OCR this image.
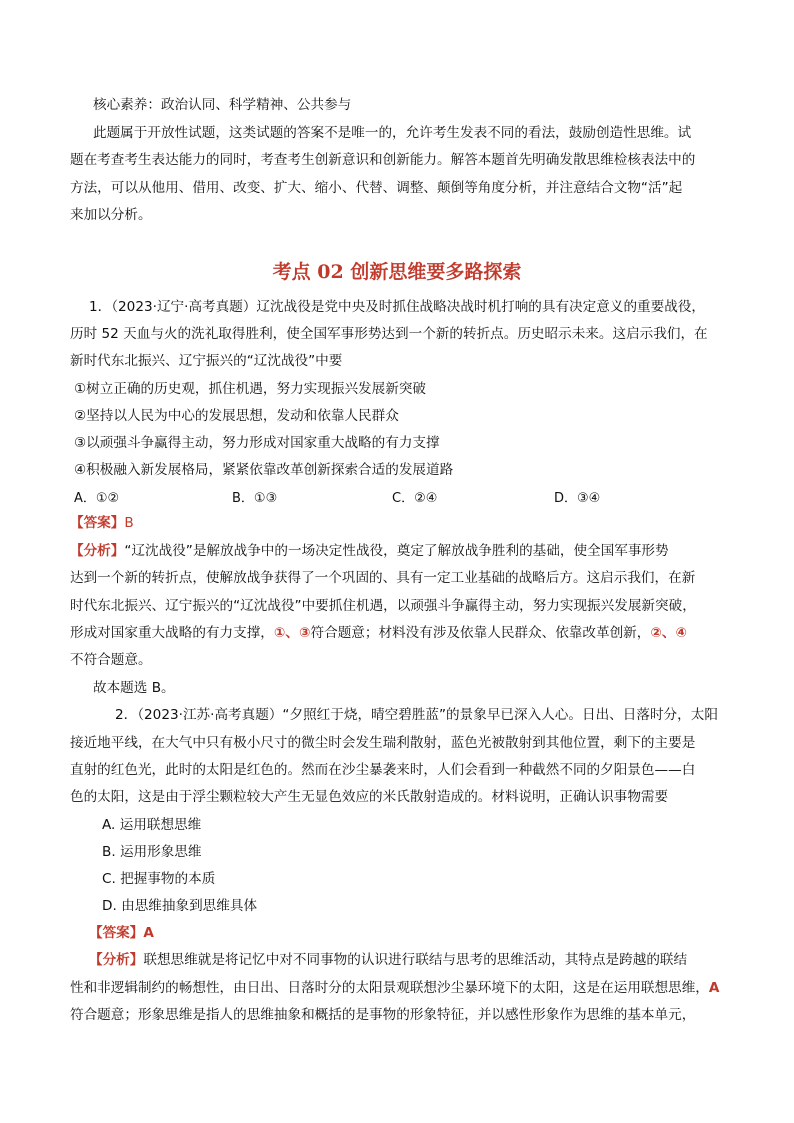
核心素养：政治认同、科学精神、公共参与
此题属于开放性试题，这类试题的答案不是唯一的，允许考生发表不同的看法，鼓励创造性思维。试
题在考查考生表达能力的同时，考查考生创新意识和创新能力。解答本题首先明确发散思维检核表法中的
方法，可以从他用、借用、改变、扩大、缩小、代替、调整、颠倒等角度分析，并注意结合文物“活”起
来加以分析。
考点 02 创新思维要多路探索
1．（2023·辽宁·高考真题）辽沈战役是党中央及时抓住战略决战时机打响的具有决定意义的重要战役，
历时 52 天血与火的洗礼取得胜利，使全国军事形势达到一个新的转折点。历史昭示未来。这启示我们，在
新时代东北振兴、辽宁振兴的“辽沈战役”中要
①树立正确的历史观，抓住机遇，努力实现振兴发展新突破
②坚持以人民为中心的发展思想，发动和依靠人民群众
③以顽强斗争赢得主动，努力形成对国家重大战略的有力支撑
④积极融入新发展格局，紧紧依靠改革创新探索合适的发展道路
A．①②	B．①③	C．②④	D．③④
【答案】B
【分析】“辽沈战役”是解放战争中的一场决定性战役，奠定了解放战争胜利的基础，使全国军事形势
达到一个新的转折点，使解放战争获得了一个巩固的、具有一定工业基础的战略后方。这启示我们，在新
时代东北振兴、辽宁振兴的“辽沈战役”中要抓住机遇，以顽强斗争赢得主动，努力实现振兴发展新突破，
形成对国家重大战略的有力支撑，①、③符合题意；材料没有涉及依靠人民群众、依靠改革创新，②、④
不符合题意。
故本题选 B。
2．（2023·江苏·高考真题）“夕照红于烧，晴空碧胜蓝”的景象早已深入人心。日出、日落时分，太阳
接近地平线，在大气中只有极小尺寸的微尘时会发生瑞利散射，蓝色光被散射到其他位置，剩下的主要是
直射的红色光，此时的太阳是红色的。然而在沙尘暴袭来时，人们会看到一种截然不同的夕阳景色——白
色的太阳，这是由于浮尘颗粒较大产生无显色效应的米氏散射造成的。材料说明，正确认识事物需要
A. 运用联想思维
B. 运用形象思维
C. 把握事物的本质
D. 由思维抽象到思维具体
【答案】A
【分析】联想思维就是将记忆中对不同事物的认识进行联结与思考的思维活动，其特点是跨越的联结
性和非逻辑制约的畅想性，由日出、日落时分的太阳景观联想沙尘暴环境下的太阳，这是在运用联想思维，A
符合题意；形象思维是指人的思维抽象和概括的是事物的形象特征，并以感性形象作为思维的基本单元，
